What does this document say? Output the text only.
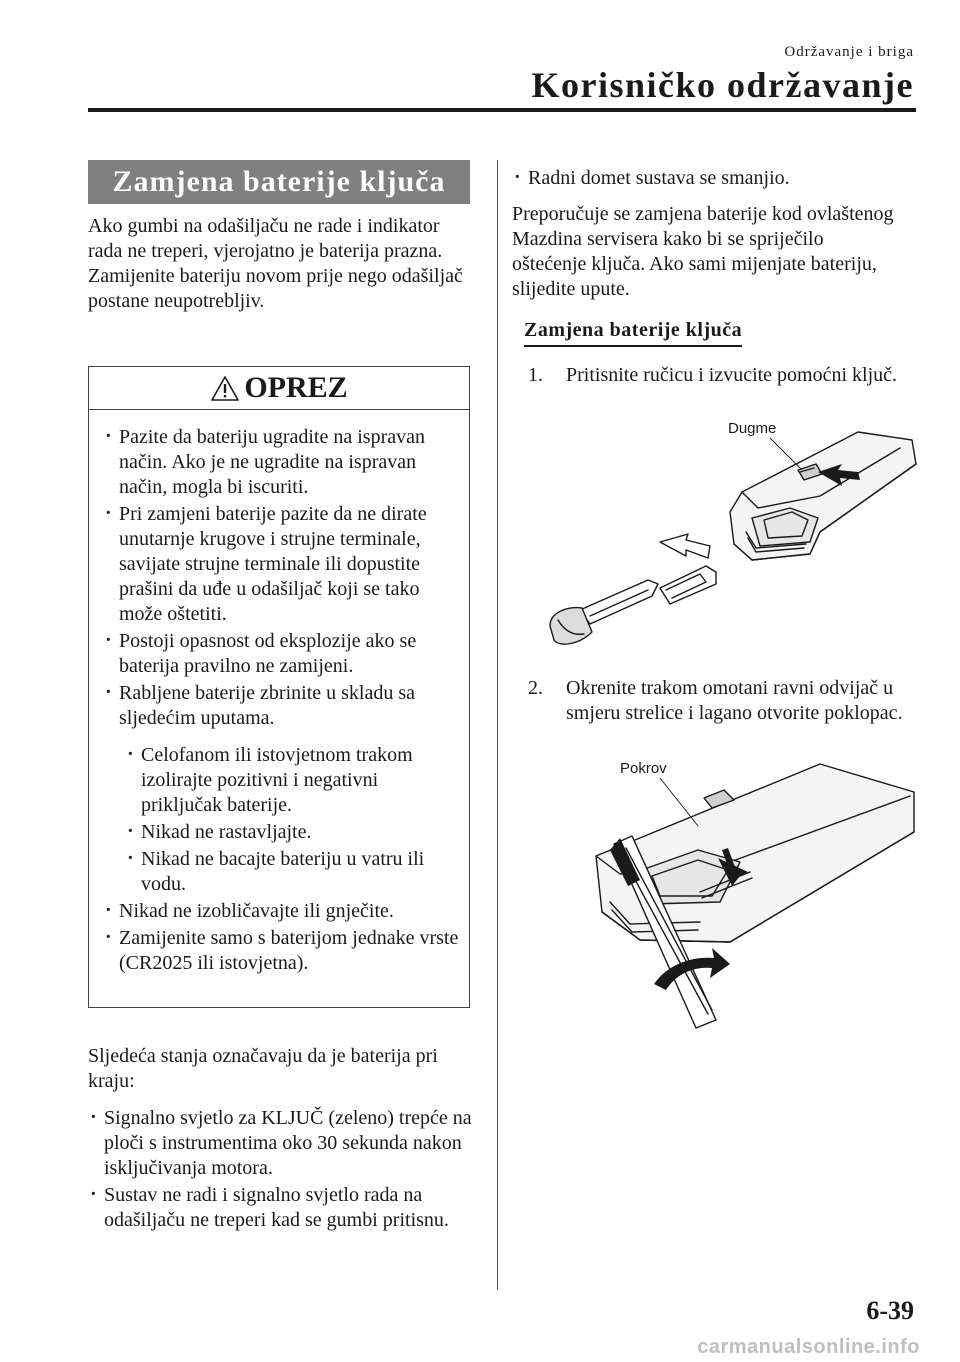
Održavanje i briga
Korisničko održavanje
Zamjena baterije ključa

Ako gumbi na odašiljaču ne rade i indikator rada ne treperi, vjerojatno je baterija prazna. Zamijenite bateriju novom prije nego odašiljač postane neupotrebljiv.

OPREZ

· Pazite da bateriju ugradite na ispravan način. Ako je ne ugradite na ispravan način, mogla bi iscuriti.

· Pri zamjeni baterije pazite da ne dirate unutarnje krugove i strujne terminale, savijate strujne terminale ili dopustite prašini da uđe u odašiljač koji se tako može oštetiti.

· Postoji opasnost od eksplozije ako se baterija pravilno ne zamijeni.

· Rabljene baterije zbrinite u skladu sa sljedećim uputama.

· Celofanom ili istovjetnom trakom izolirajte pozitivni i negativni priključak baterije.

· Nikad ne rastavljajte.

· Nikad ne bacajte bateriju u vatru ili vodu.

· Nikad ne izobličavajte ili gnječite.

· Zamijenite samo s baterijom jednake vrste (CR2025 ili istovjetna).

Sljedeća stanja označavaju da je baterija pri kraju:

· Signalno svjetlo za KLJUČ (zeleno) trepće na ploči s instrumentima oko 30 sekunda nakon isključivanja motora.

· Sustav ne radi i signalno svjetlo rada na odašiljaču ne treperi kad se gumbi pritisnu.

· Radni domet sustava se smanjio.

Preporučuje se zamjena baterije kod ovlaštenog Mazdina servisera kako bi se spriječilo oštećenje ključa. Ako sami mijenjate bateriju, slijedite upute.

Zamjena baterije ključa
1.	Pritisnite ručicu i izvucite pomoćni ključ.
Dugme
2.	Okrenite trakom omotani ravni odvijač u smjeru strelice i lagano otvorite poklopac.
Pokrov
6-39
carmanualsonline.info
